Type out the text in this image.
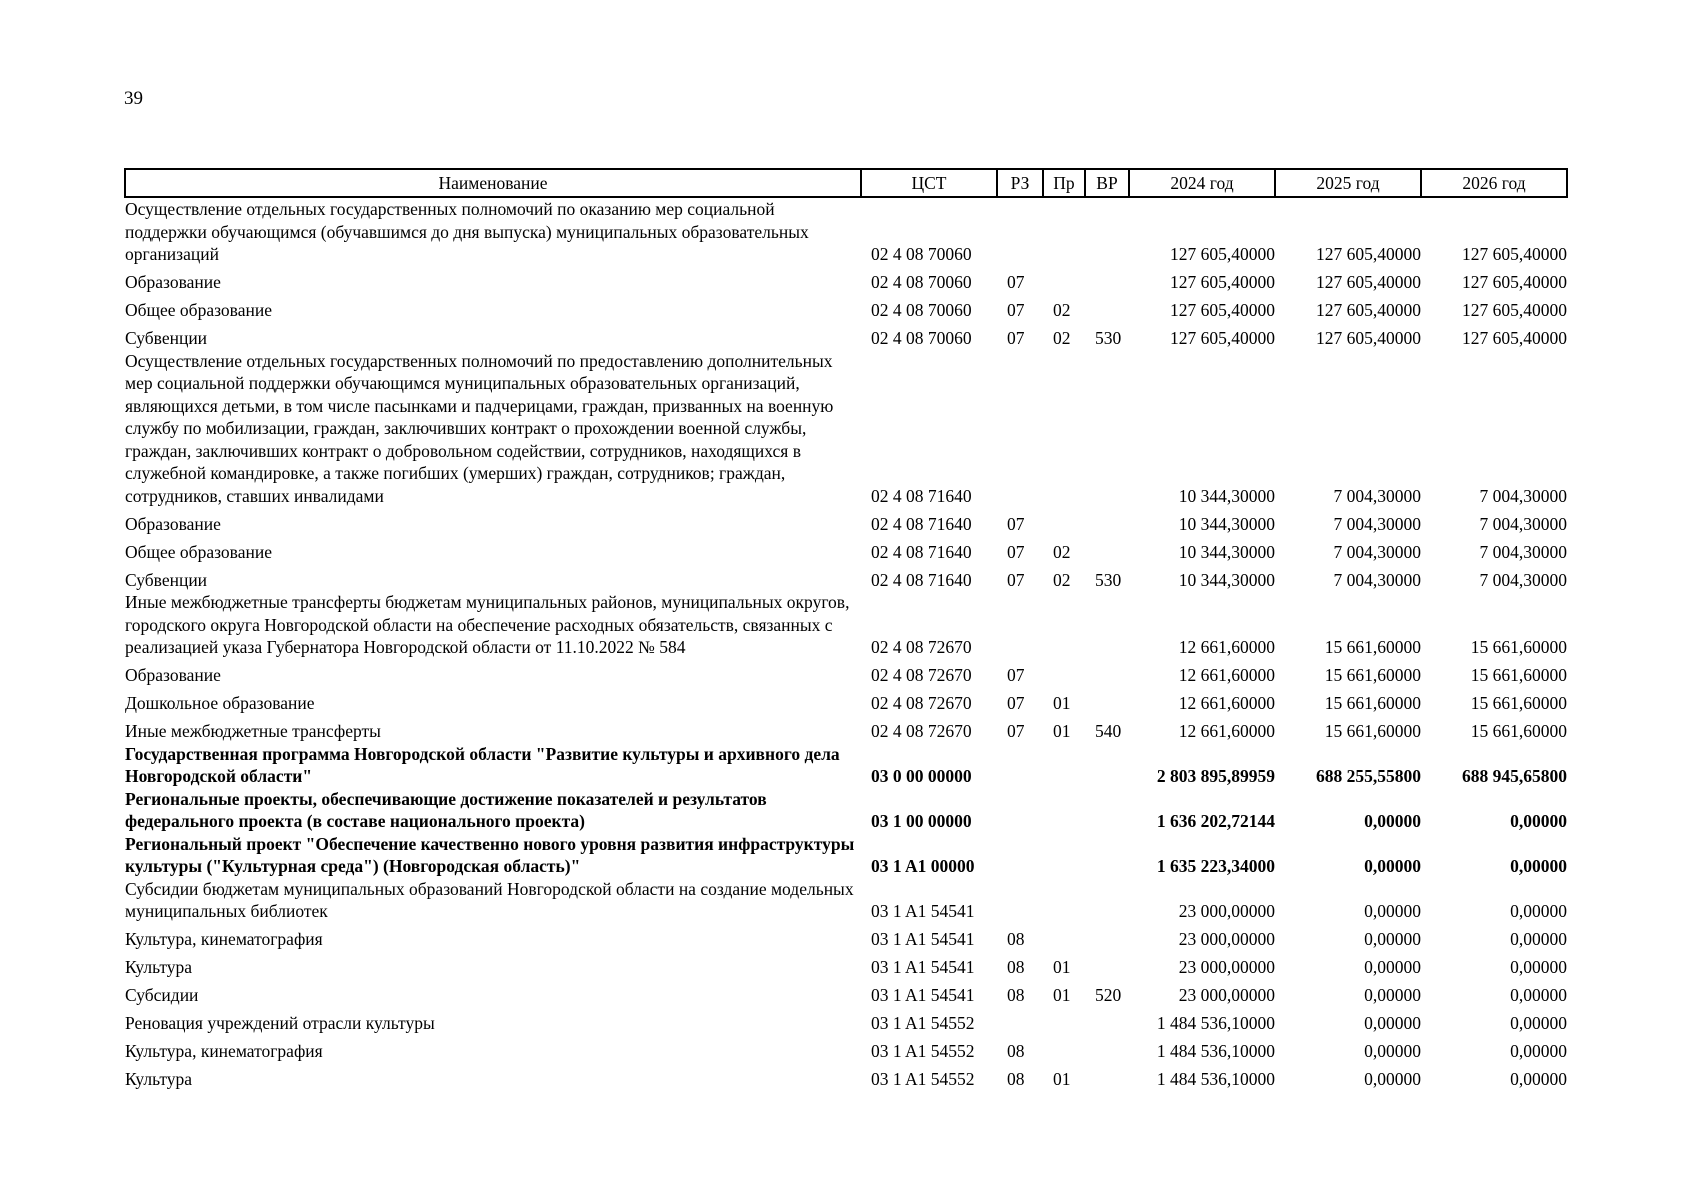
39
Наименование	ЦСТ	РЗ	Пр	ВР	2024 год	2025 год	2026 год
Осуществление отдельных государственных полномочий по оказанию мер социальной поддержки обучающимся (обучавшимся до дня выпуска) муниципальных образовательных организаций	02 4 08 70060				127 605,40000	127 605,40000	127 605,40000
Образование	02 4 08 70060	07			127 605,40000	127 605,40000	127 605,40000
Общее образование	02 4 08 70060	07	02		127 605,40000	127 605,40000	127 605,40000
Субвенции	02 4 08 70060	07	02	530	127 605,40000	127 605,40000	127 605,40000
Осуществление отдельных государственных полномочий по предоставлению дополнительных мер социальной поддержки обучающимся муниципальных образовательных организаций, являющихся детьми, в том числе пасынками и падчерицами, граждан, призванных на военную службу по мобилизации, граждан, заключивших контракт о прохождении военной службы, граждан, заключивших контракт о добровольном содействии, сотрудников, находящихся в служебной командировке, а также погибших (умерших) граждан, сотрудников; граждан, сотрудников, ставших инвалидами	02 4 08 71640				10 344,30000	7 004,30000	7 004,30000
Образование	02 4 08 71640	07			10 344,30000	7 004,30000	7 004,30000
Общее образование	02 4 08 71640	07	02		10 344,30000	7 004,30000	7 004,30000
Субвенции	02 4 08 71640	07	02	530	10 344,30000	7 004,30000	7 004,30000
Иные межбюджетные трансферты бюджетам муниципальных районов, муниципальных округов, городского округа Новгородской области на обеспечение расходных обязательств, связанных с реализацией указа Губернатора Новгородской области от 11.10.2022 № 584	02 4 08 72670				12 661,60000	15 661,60000	15 661,60000
Образование	02 4 08 72670	07			12 661,60000	15 661,60000	15 661,60000
Дошкольное образование	02 4 08 72670	07	01		12 661,60000	15 661,60000	15 661,60000
Иные межбюджетные трансферты	02 4 08 72670	07	01	540	12 661,60000	15 661,60000	15 661,60000
Государственная программа Новгородской области "Развитие культуры и архивного дела Новгородской области"	03 0 00 00000				2 803 895,89959	688 255,55800	688 945,65800
Региональные проекты, обеспечивающие достижение показателей и результатов федерального проекта (в составе национального проекта)	03 1 00 00000				1 636 202,72144	0,00000	0,00000
Региональный проект "Обеспечение качественно нового уровня развития инфраструктуры культуры ("Культурная среда") (Новгородская область)"	03 1 A1 00000				1 635 223,34000	0,00000	0,00000
Субсидии бюджетам муниципальных образований Новгородской области на создание модельных муниципальных библиотек	03 1 A1 54541				23 000,00000	0,00000	0,00000
Культура, кинематография	03 1 A1 54541	08			23 000,00000	0,00000	0,00000
Культура	03 1 A1 54541	08	01		23 000,00000	0,00000	0,00000
Субсидии	03 1 A1 54541	08	01	520	23 000,00000	0,00000	0,00000
Реновация учреждений отрасли культуры	03 1 A1 54552				1 484 536,10000	0,00000	0,00000
Культура, кинематография	03 1 A1 54552	08			1 484 536,10000	0,00000	0,00000
Культура	03 1 A1 54552	08	01		1 484 536,10000	0,00000	0,00000
